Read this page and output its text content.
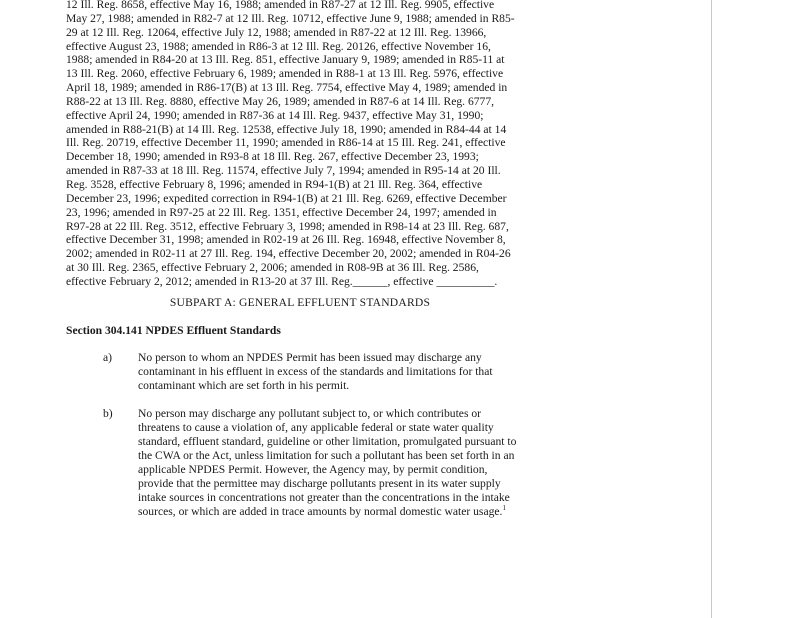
12 Ill. Reg. 8658, effective May 16, 1988; amended in R87-27 at 12 Ill. Reg. 9905, effective
May 27, 1988; amended in R82-7 at 12 Ill. Reg. 10712, effective June 9, 1988; amended in R85-
29 at 12 Ill. Reg. 12064, effective July 12, 1988; amended in R87-22 at 12 Ill. Reg. 13966,
effective August 23, 1988; amended in R86-3 at 12 Ill. Reg. 20126, effective November 16,
1988; amended in R84-20 at 13 Ill. Reg. 851, effective January 9, 1989; amended in R85-11 at
13 Ill. Reg. 2060, effective February 6, 1989; amended in R88-1 at 13 Ill. Reg. 5976, effective
April 18, 1989; amended in R86-17(B) at 13 Ill. Reg. 7754, effective May 4, 1989; amended in
R88-22 at 13 Ill. Reg. 8880, effective May 26, 1989; amended in R87-6 at 14 Ill. Reg. 6777,
effective April 24, 1990; amended in R87-36 at 14 Ill. Reg. 9437, effective May 31, 1990;
amended in R88-21(B) at 14 Ill. Reg. 12538, effective July 18, 1990; amended in R84-44 at 14
Ill. Reg. 20719, effective December 11, 1990; amended in R86-14 at 15 Ill. Reg. 241, effective
December 18, 1990; amended in R93-8 at 18 Ill. Reg. 267, effective December 23, 1993;
amended in R87-33 at 18 Ill. Reg. 11574, effective July 7, 1994; amended in R95-14 at 20 Ill.
Reg. 3528, effective February 8, 1996; amended in R94-1(B) at 21 Ill. Reg. 364, effective
December 23, 1996; expedited correction in R94-1(B) at 21 Ill. Reg. 6269, effective December
23, 1996; amended in R97-25 at 22 Ill. Reg. 1351, effective December 24, 1997; amended in
R97-28 at 22 Ill. Reg. 3512, effective February 3, 1998; amended in R98-14 at 23 Ill. Reg. 687,
effective December 31, 1998; amended in R02-19 at 26 Ill. Reg. 16948, effective November 8,
2002; amended in R02-11 at 27 Ill. Reg. 194, effective December 20, 2002; amended in R04-26
at 30 Ill. Reg. 2365, effective February 2, 2006; amended in R08-9B at 36 Ill. Reg. 2586,
effective February 2, 2012; amended in R13-20 at 37 Ill. Reg.______, effective __________.
SUBPART A: GENERAL EFFLUENT STANDARDS
Section 304.141 NPDES Effluent Standards
a) No person to whom an NPDES Permit has been issued may discharge any
contaminant in his effluent in excess of the standards and limitations for that
contaminant which are set forth in his permit.
b) No person may discharge any pollutant subject to, or which contributes or
threatens to cause a violation of, any applicable federal or state water quality
standard, effluent standard, guideline or other limitation, promulgated pursuant to
the CWA or the Act, unless limitation for such a pollutant has been set forth in an
applicable NPDES Permit. However, the Agency may, by permit condition,
provide that the permittee may discharge pollutants present in its water supply
intake sources in concentrations not greater than the concentrations in the intake
sources, or which are added in trace amounts by normal domestic water usage.$^1$
